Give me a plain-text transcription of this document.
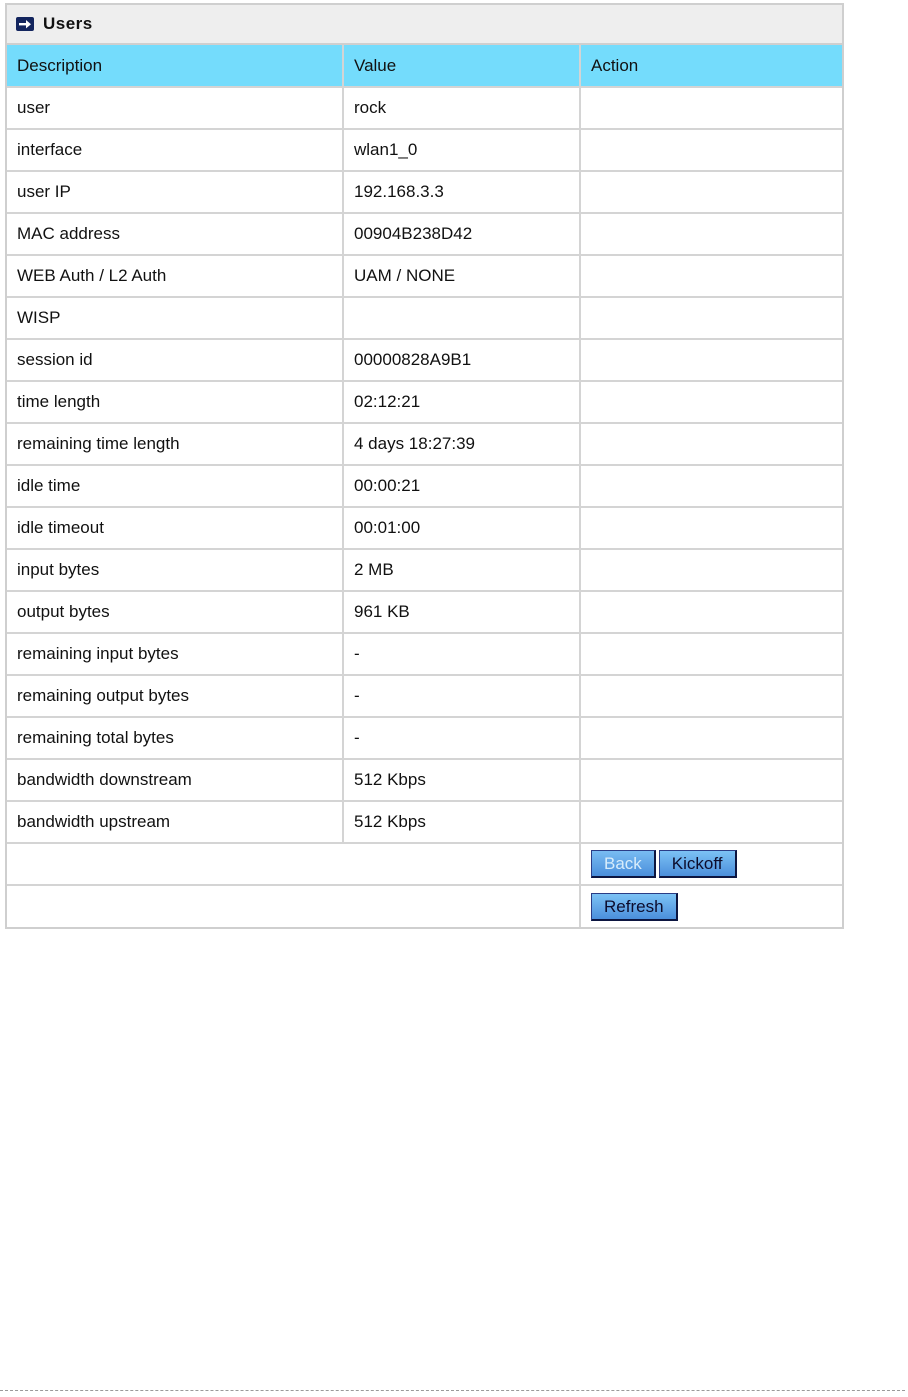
Users
Description	Value	Action
user	rock	
interface	wlan1_0	
user IP	192.168.3.3	
MAC address	00904B238D42	
WEB Auth / L2 Auth	UAM / NONE	
WISP		
session id	00000828A9B1	
time length	02:12:21	
remaining time length	4 days 18:27:39	
idle time	00:00:21	
idle timeout	00:01:00	
input bytes	2 MB	
output bytes	961 KB	
remaining input bytes	-	
remaining output bytes	-	
remaining total bytes	-	
bandwidth downstream	512 Kbps	
bandwidth upstream	512 Kbps	
		Back Kickoff
		Refresh
